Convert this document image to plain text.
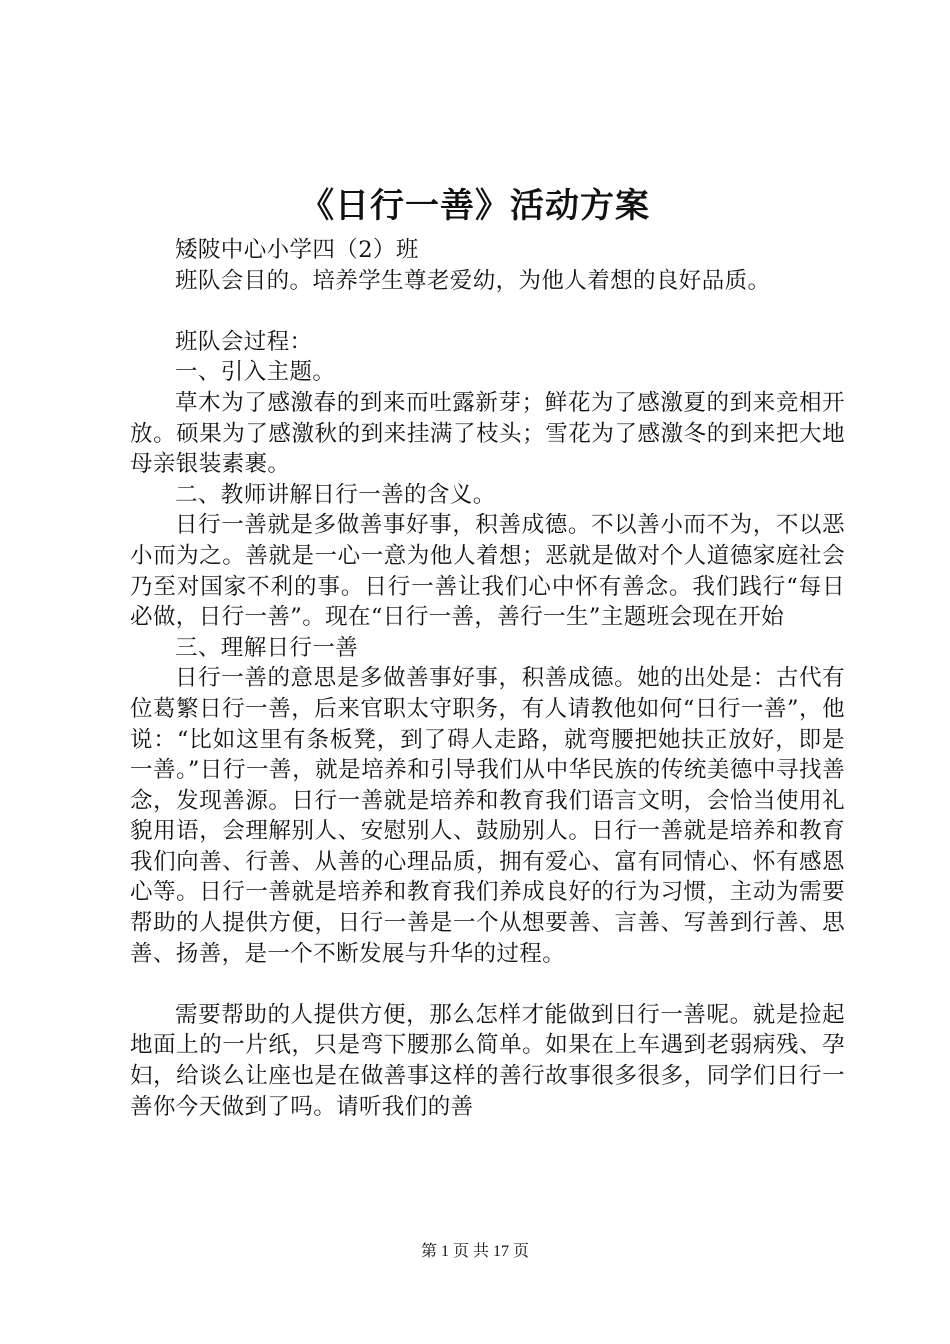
《日行一善》活动方案

矮陂中心小学四（2）班

班队会目的。培养学生尊老爱幼，为他人着想的良好品质。

班队会过程：

一、引入主题。

草木为了感激春的到来而吐露新芽；鲜花为了感激夏的到来竞相开放。硕果为了感激秋的到来挂满了枝头；雪花为了感激冬的到来把大地母亲银装素裹。

二、教师讲解日行一善的含义。

日行一善就是多做善事好事，积善成德。不以善小而不为，不以恶小而为之。善就是一心一意为他人着想；恶就是做对个人道德家庭社会乃至对国家不利的事。日行一善让我们心中怀有善念。我们践行“每日必做，日行一善”。现在“日行一善，善行一生”主题班会现在开始

三、理解日行一善

日行一善的意思是多做善事好事，积善成德。她的出处是：古代有位葛繁日行一善，后来官职太守职务，有人请教他如何“日行一善”，他说：“比如这里有条板凳，到了碍人走路，就弯腰把她扶正放好，即是一善。”日行一善，就是培养和引导我们从中华民族的传统美德中寻找善念，发现善源。日行一善就是培养和教育我们语言文明，会恰当使用礼貌用语，会理解别人、安慰别人、鼓励别人。日行一善就是培养和教育我们向善、行善、从善的心理品质，拥有爱心、富有同情心、怀有感恩心等。日行一善就是培养和教育我们养成良好的行为习惯，主动为需要帮助的人提供方便，日行一善是一个从想要善、言善、写善到行善、思善、扬善，是一个不断发展与升华的过程。

需要帮助的人提供方便，那么怎样才能做到日行一善呢。就是捡起地面上的一片纸，只是弯下腰那么简单。如果在上车遇到老弱病残、孕妇，给谈么让座也是在做善事这样的善行故事很多很多，同学们日行一善你今天做到了吗。请听我们的善

第 1 页 共 17 页
